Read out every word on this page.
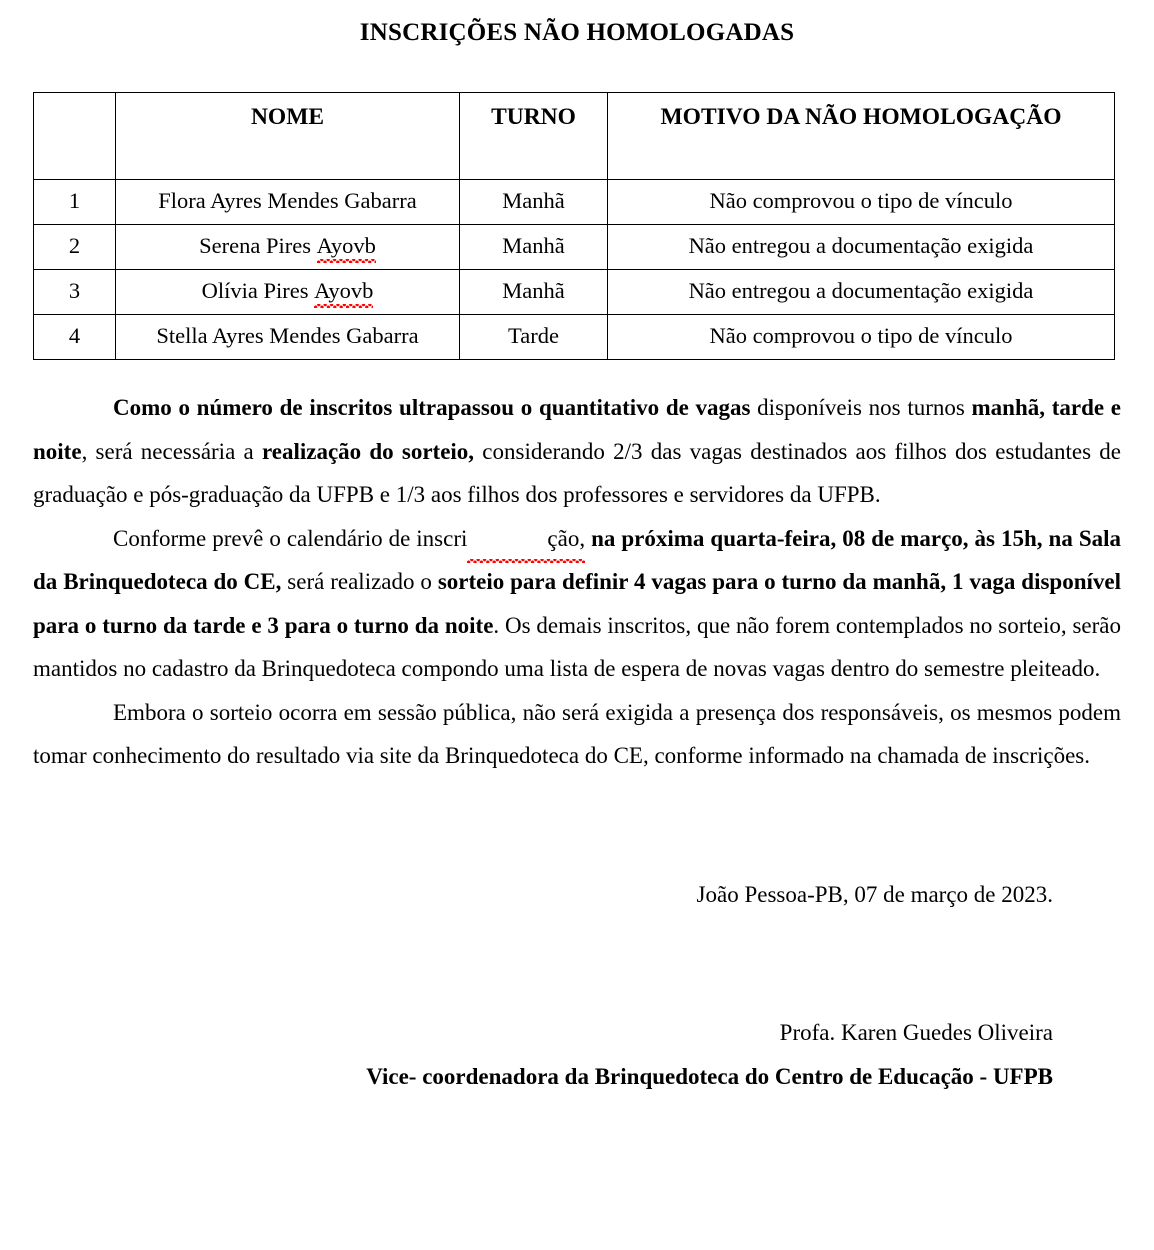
INSCRIÇÕES NÃO HOMOLOGADAS
	NOME	TURNO	MOTIVO DA NÃO HOMOLOGAÇÃO
1	Flora Ayres Mendes Gabarra	Manhã	Não comprovou o tipo de vínculo
2	Serena Pires Ayovb	Manhã	Não entregou a documentação exigida
3	Olívia Pires Ayovb	Manhã	Não entregou a documentação exigida
4	Stella Ayres Mendes Gabarra	Tarde	Não comprovou o tipo de vínculo

Como o número de inscritos ultrapassou o quantitativo de vagas disponíveis nos turnos manhã, tarde e noite, será necessária a realização do sorteio, considerando 2/3 das vagas destinados aos filhos dos estudantes de graduação e pós-graduação da UFPB e 1/3 aos filhos dos professores e servidores da UFPB.

Conforme prevê o calendário de inscri	ção, na próxima quarta-feira, 08 de março, às 15h, na Sala da Brinquedoteca do CE, será realizado o sorteio para definir 4 vagas para o turno da manhã, 1 vaga disponível para o turno da tarde e 3 para o turno da noite. Os demais inscritos, que não forem contemplados no sorteio, serão mantidos no cadastro da Brinquedoteca compondo uma lista de espera de novas vagas dentro do semestre pleiteado.

Embora o sorteio ocorra em sessão pública, não será exigida a presença dos responsáveis, os mesmos podem tomar conhecimento do resultado via site da Brinquedoteca do CE, conforme informado na chamada de inscrições.

João Pessoa-PB, 07 de março de 2023.

Profa. Karen Guedes Oliveira

Vice- coordenadora da Brinquedoteca do Centro de Educação - UFPB
